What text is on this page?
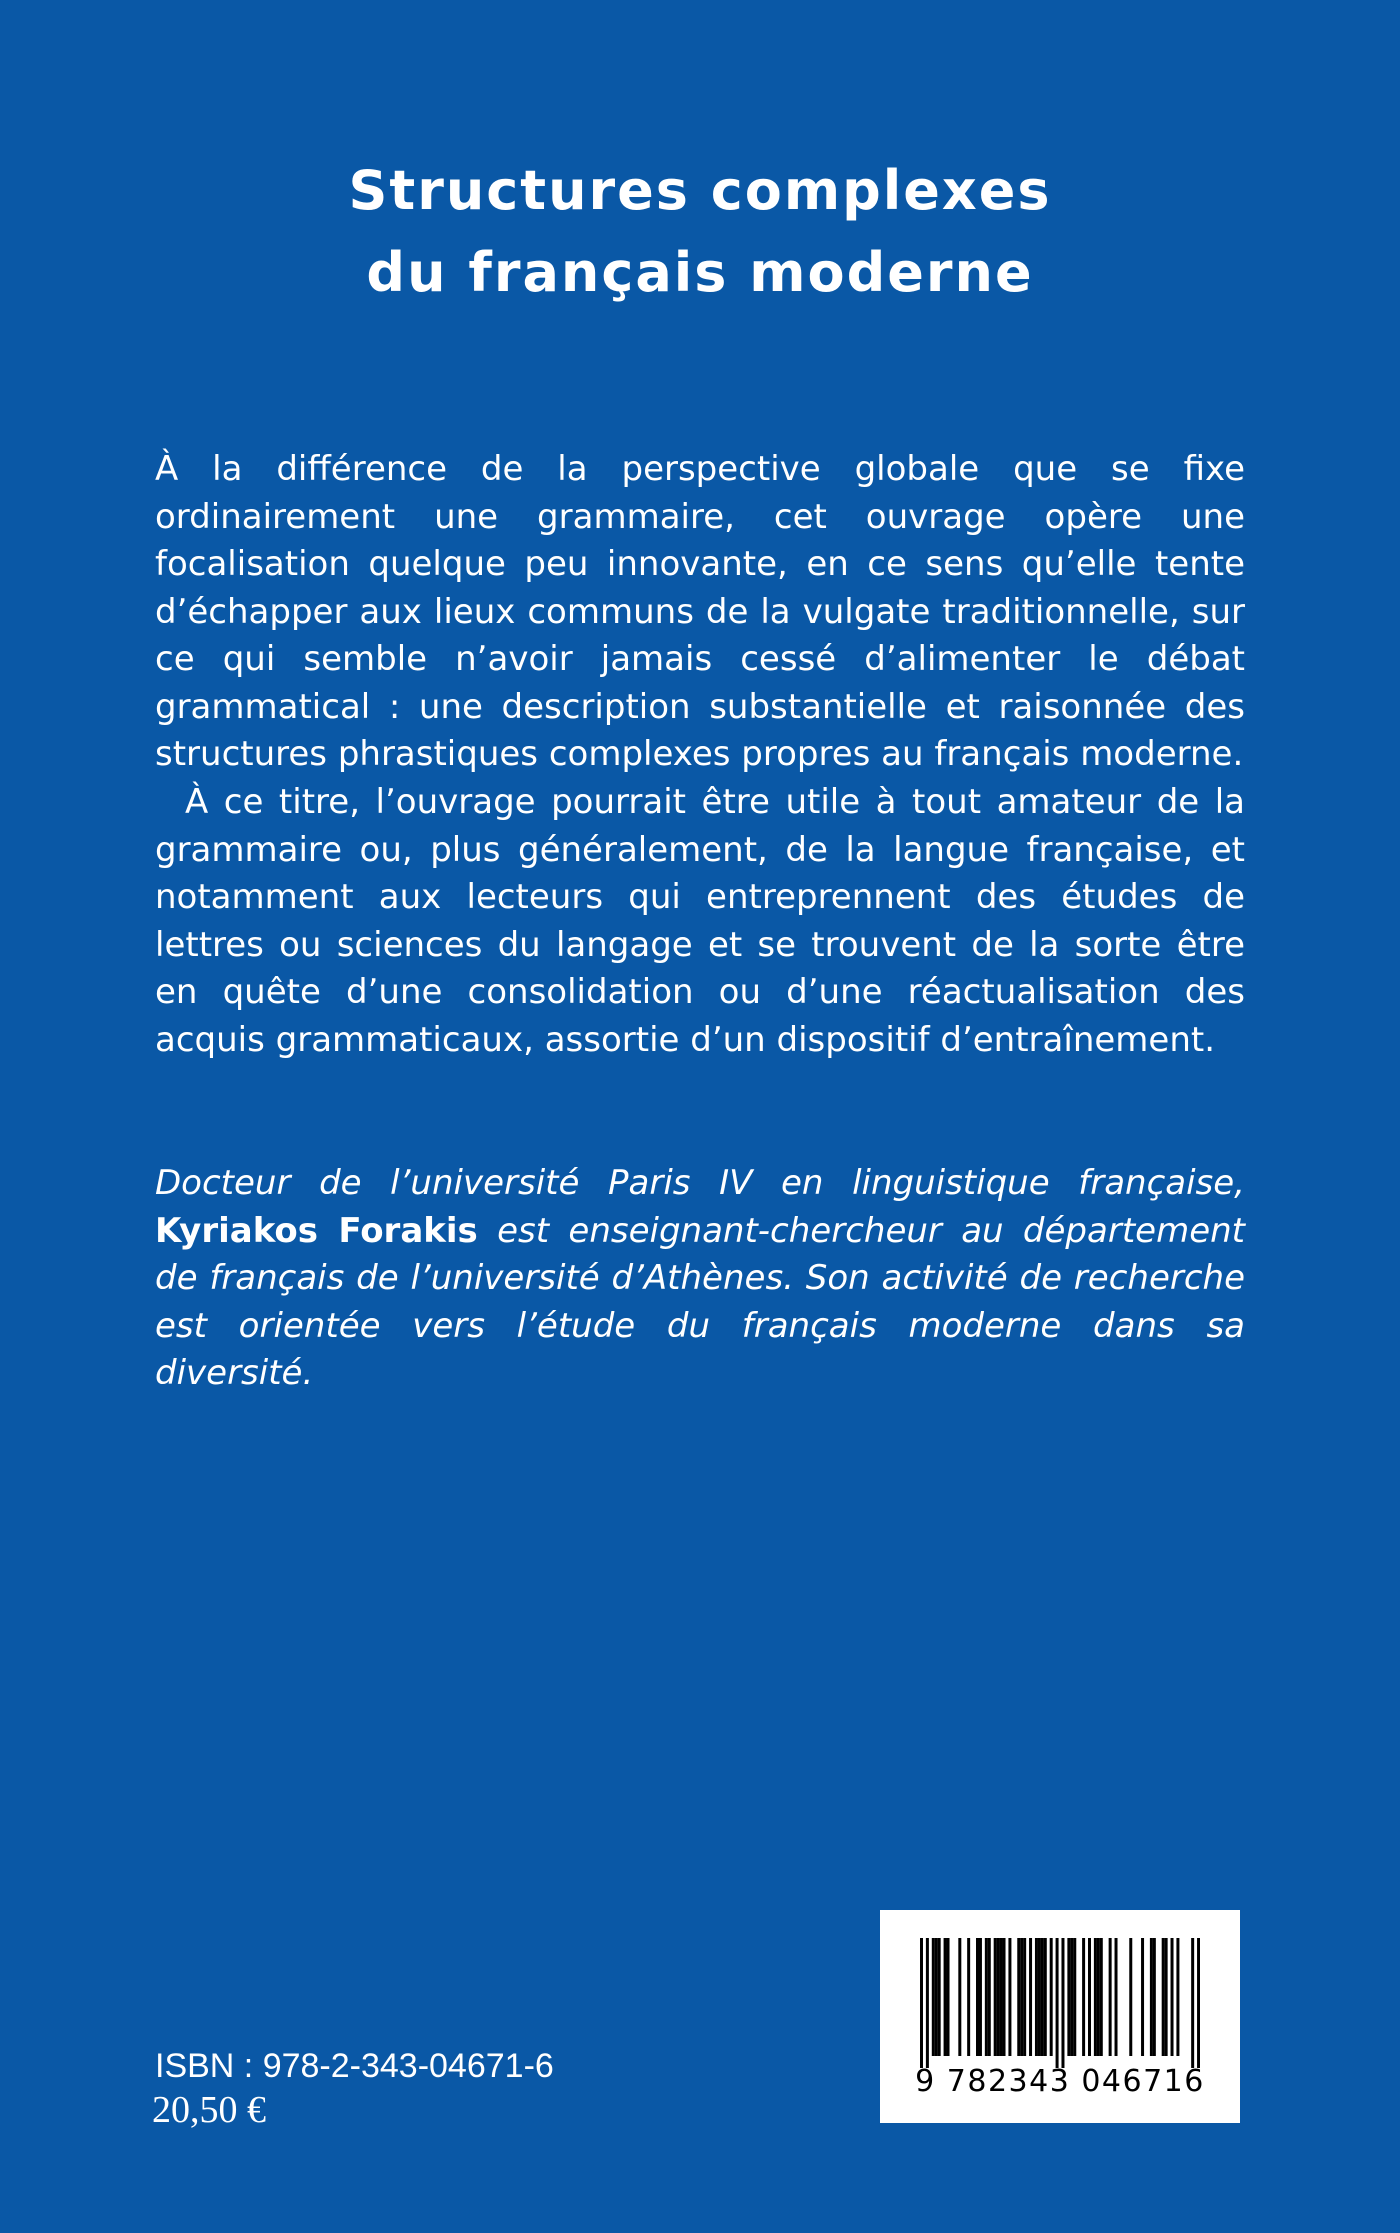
Structures complexes
du français moderne

À la différence de la perspective globale que se fixe ordinairement une grammaire, cet ouvrage opère une focalisation quelque peu innovante, en ce sens qu’elle tente d’échapper aux lieux communs de la vulgate traditionnelle, sur ce qui semble n’avoir jamais cessé d’alimenter le débat grammatical : une description substantielle et raisonnée des structures phrastiques complexes propres au français moderne.

À ce titre, l’ouvrage pourrait être utile à tout amateur de la grammaire ou, plus généralement, de la langue française, et notamment aux lecteurs qui entreprennent des études de lettres ou sciences du langage et se trouvent de la sorte être en quête d’une consolidation ou d’une réactualisation des acquis grammaticaux, assortie d’un dispositif d’entraînement.

Docteur de l’université Paris IV en linguistique française, Kyriakos Forakis est enseignant-chercheur au département de français de l’université d’Athènes. Son activité de recherche est orientée vers l’étude du français moderne dans sa diversité.

ISBN : 978-2-343-04671-6
20,50 €
9 782343 046716
